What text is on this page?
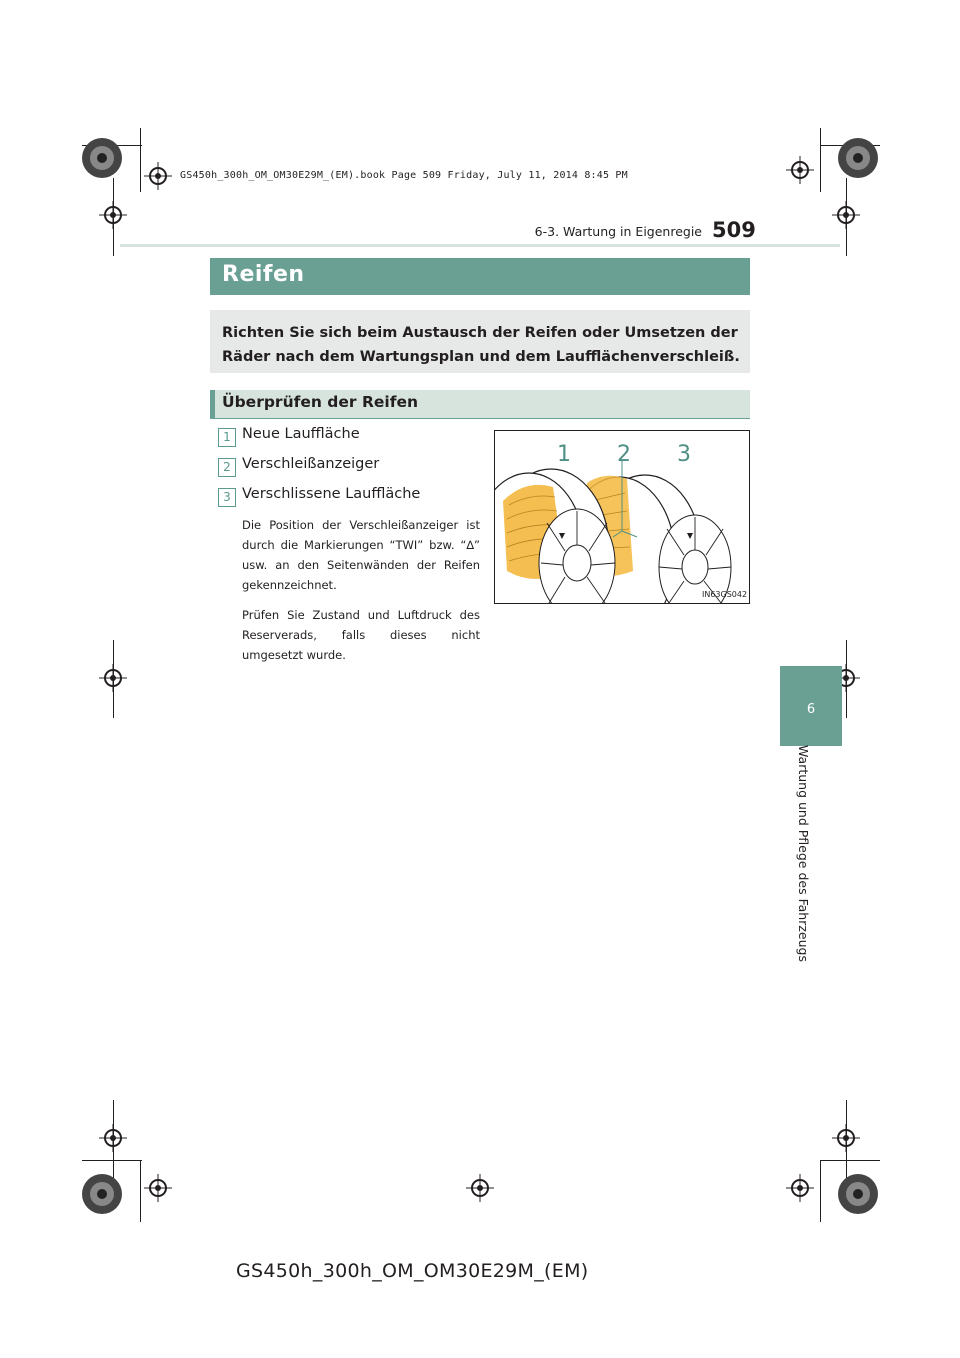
GS450h_300h_OM_OM30E29M_(EM).book Page 509 Friday, July 11, 2014 8:45 PM
6-3. Wartung in Eigenregie 509
6
Wartung und Pflege des Fahrzeugs
Reifen
Richten Sie sich beim Austausch der Reifen oder Umsetzen der Räder nach dem Wartungsplan und dem Laufflächenverschleiß.
Überprüfen der Reifen
1 Neue Lauffläche
2 Verschleißanzeiger
3 Verschlissene Lauffläche
Die Position der Verschleißanzeiger ist durch die Markierungen “TWI” bzw. “∆” usw. an den Seitenwänden der Reifen gekennzeichnet.
Prüfen Sie Zustand und Luftdruck des Reserverads, falls dieses nicht umgesetzt wurde.
1 2 3
IN63GS042
GS450h_300h_OM_OM30E29M_(EM)
